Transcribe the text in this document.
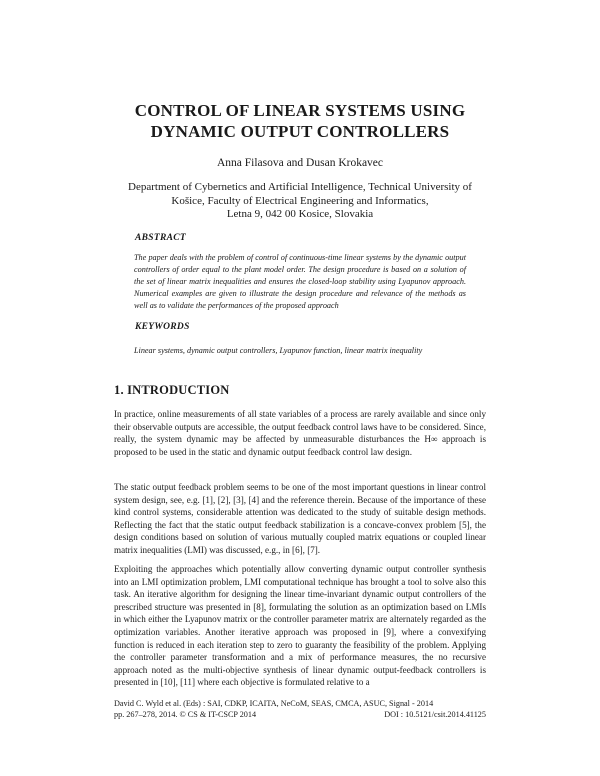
CONTROL OF LINEAR SYSTEMS USING
DYNAMIC OUTPUT CONTROLLERS
Anna Filasova and Dusan Krokavec
Department of Cybernetics and Artificial Intelligence, Technical University of
Košice, Faculty of Electrical Engineering and Informatics,
Letna 9, 042 00 Kosice, Slovakia
ABSTRACT
The paper deals with the problem of control of continuous-time linear systems by the dynamic output controllers of order equal to the plant model order. The design procedure is based on a solution of the set of linear matrix inequalities and ensures the closed-loop stability using Lyapunov approach. Numerical examples are given to illustrate the design procedure and relevance of the methods as well as to validate the performances of the proposed approach
KEYWORDS
Linear systems, dynamic output controllers, Lyapunov function, linear matrix inequality
1. INTRODUCTION
In practice, online measurements of all state variables of a process are rarely available and since only their observable outputs are accessible, the output feedback control laws have to be considered. Since, really, the system dynamic may be affected by unmeasurable disturbances the H∞ approach is proposed to be used in the static and dynamic output feedback control law design.
The static output feedback problem seems to be one of the most important questions in linear control system design, see, e.g. [1], [2], [3], [4] and the reference therein. Because of the importance of these kind control systems, considerable attention was dedicated to the study of suitable design methods. Reflecting the fact that the static output feedback stabilization is a concave-convex problem [5], the design conditions based on solution of various mutually coupled matrix equations or coupled linear matrix inequalities (LMI) was discussed, e.g., in [6], [7].
Exploiting the approaches which potentially allow converting dynamic output controller synthesis into an LMI optimization problem, LMI computational technique has brought a tool to solve also this task. An iterative algorithm for designing the linear time-invariant dynamic output controllers of the prescribed structure was presented in [8], formulating the solution as an optimization based on LMIs in which either the Lyapunov matrix or the controller parameter matrix are alternately regarded as the optimization variables. Another iterative approach was proposed in [9], where a convexifying function is reduced in each iteration step to zero to guaranty the feasibility of the problem. Applying the controller parameter transformation and a mix of performance measures, the no recursive approach noted as the multi-objective synthesis of linear dynamic output-feedback controllers is presented in [10], [11] where each objective is formulated relative to a
David C. Wyld et al. (Eds) : SAI, CDKP, ICAITA, NeCoM, SEAS, CMCA, ASUC, Signal - 2014
pp. 267–278, 2014. © CS & IT-CSCP 2014	DOI : 10.5121/csit.2014.41125
